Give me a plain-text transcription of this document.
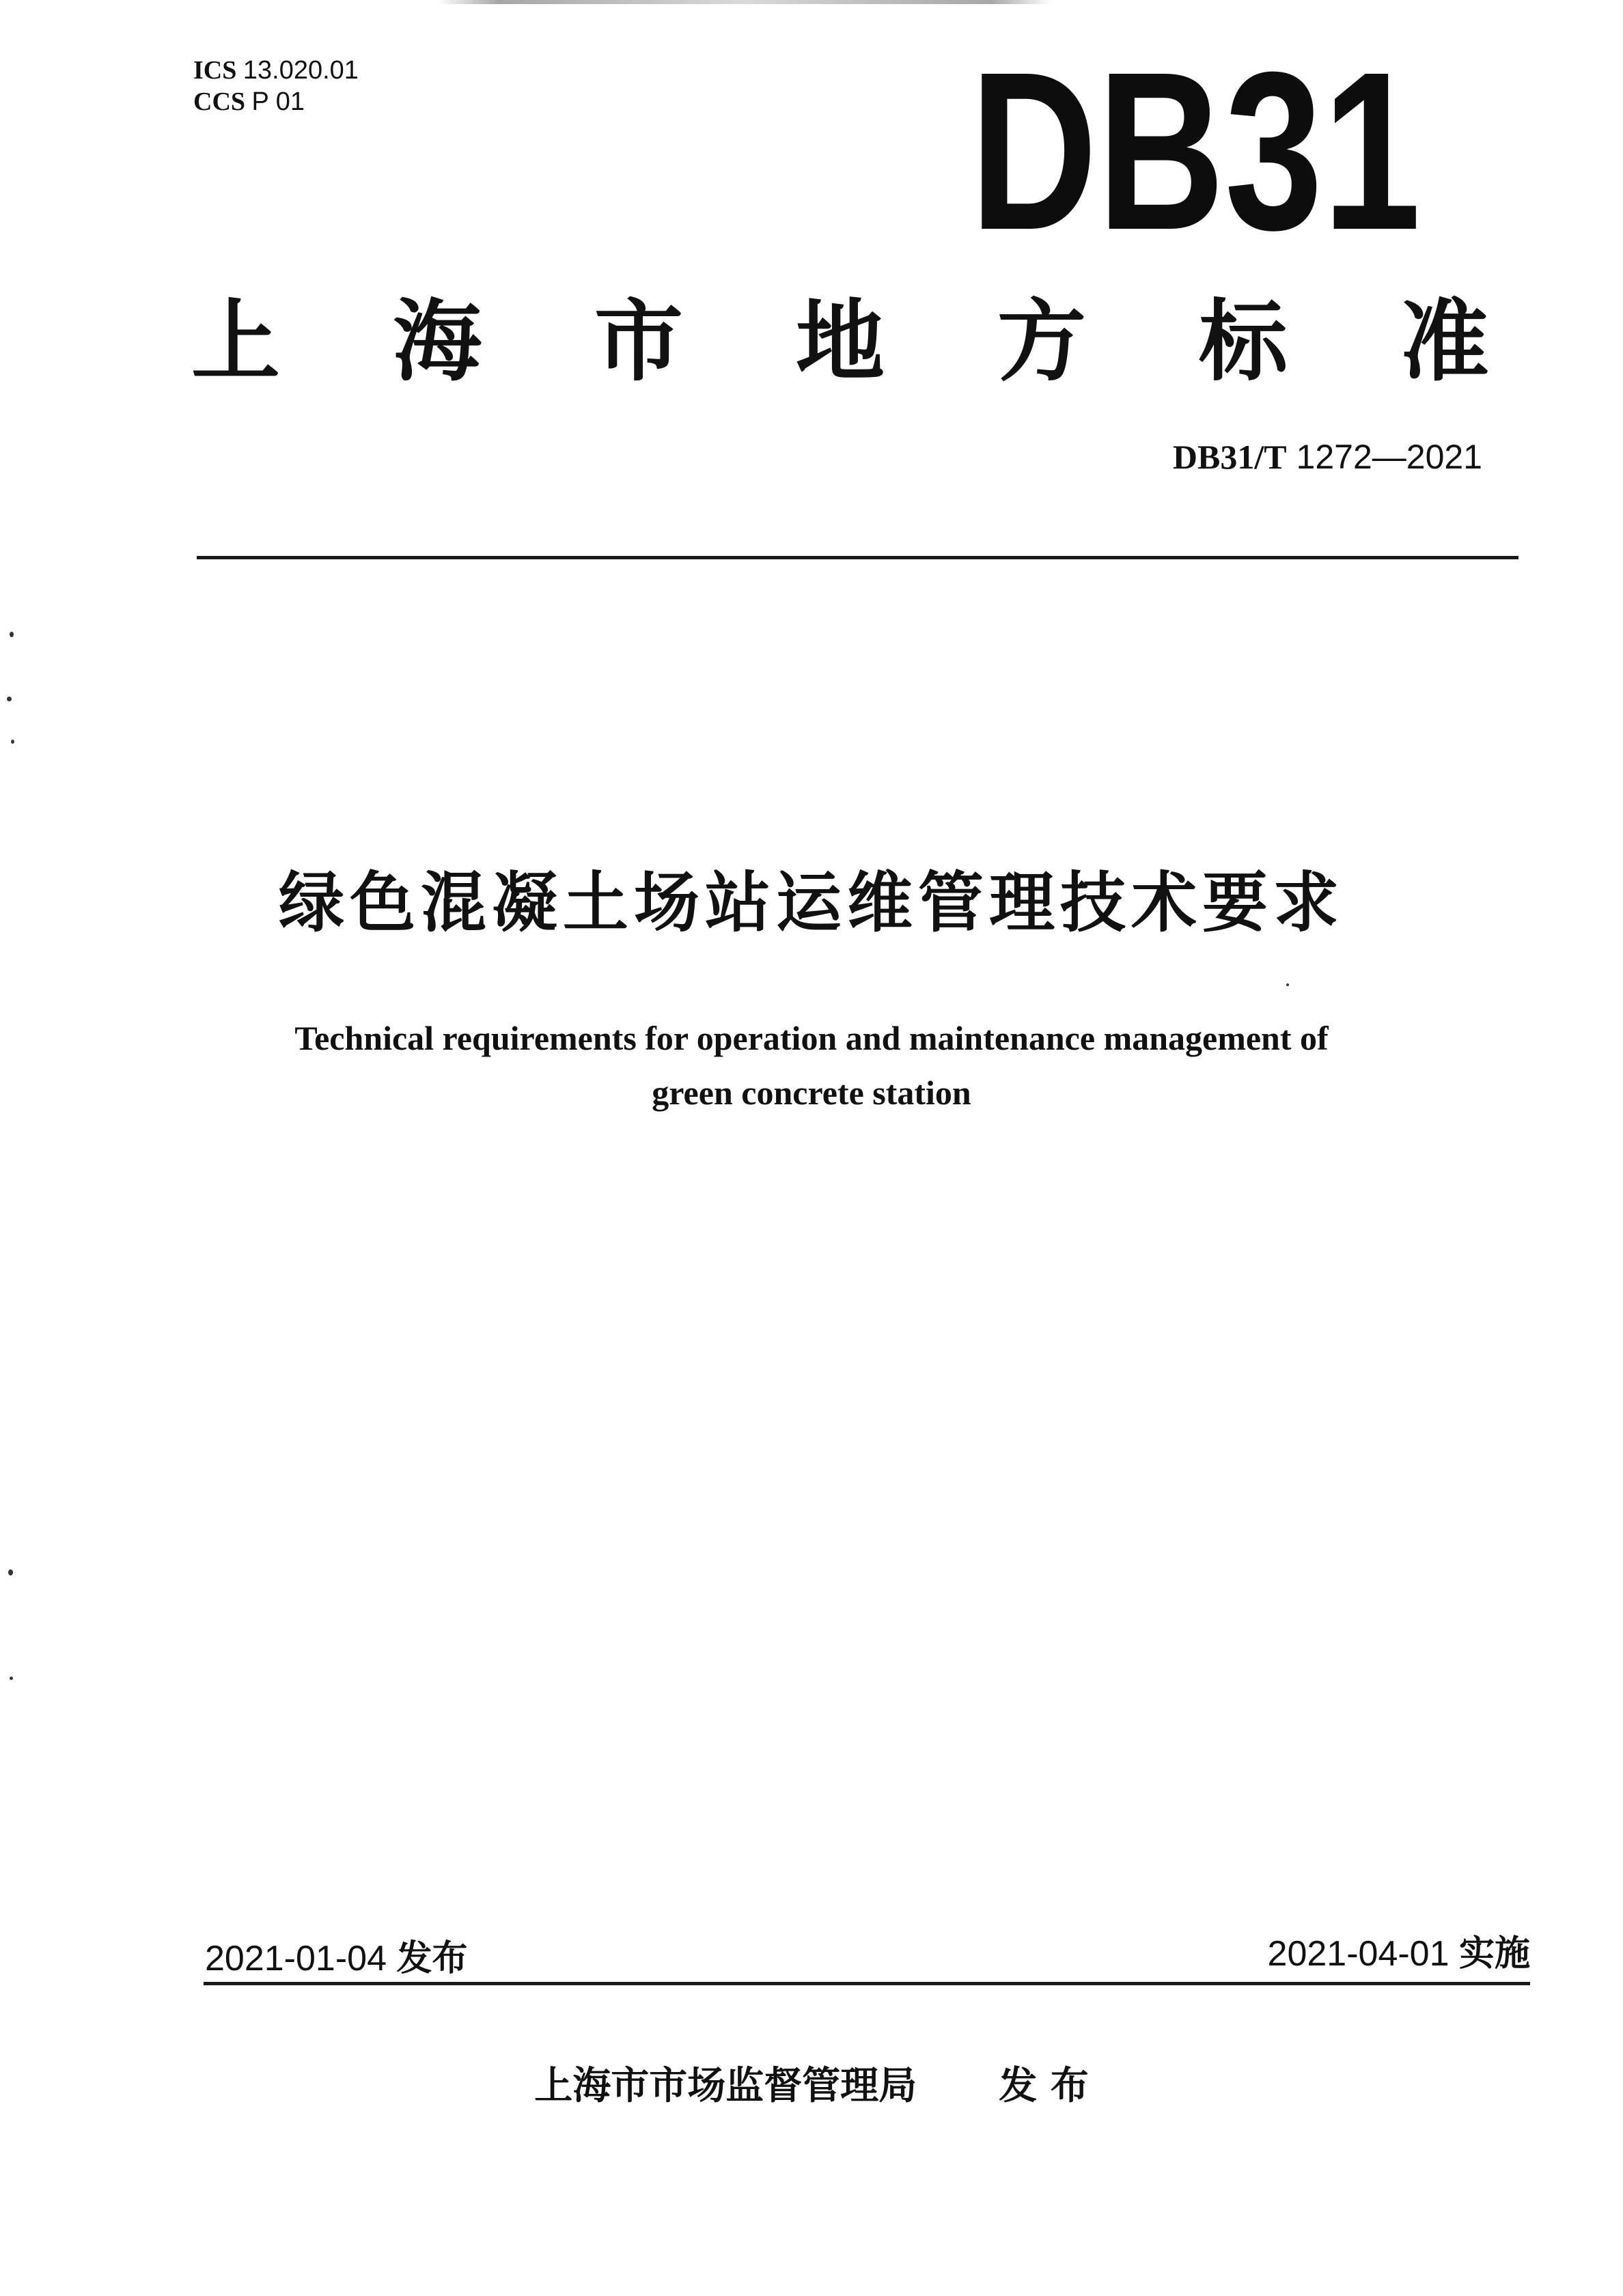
ICS 13.020.01
CCS P 01	DB31
上 海 市 地 方 标 准
DB31/T 1272—2021
绿色混凝土场站运维管理技术要求
Technical requirements for operation and maintenance management of
green concrete station
2021-01-04 发布	2021-04-01 实施
上海市市场监督管理局 发 布
